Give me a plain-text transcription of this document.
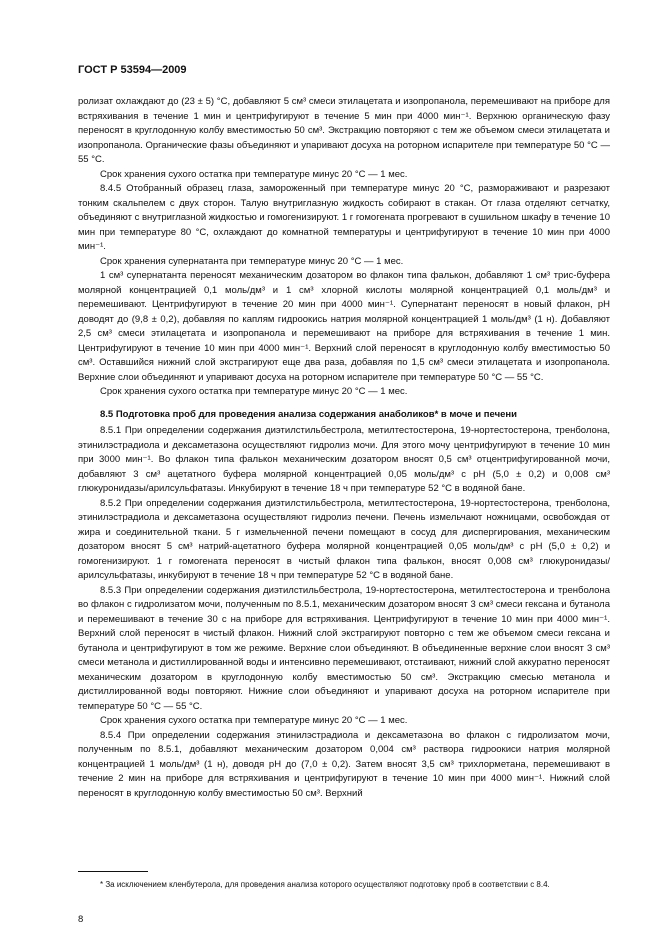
ГОСТ Р 53594—2009

ролизат охлаждают до (23 ± 5) °С, добавляют 5 см³ смеси этилацетата и изопропанола, перемешивают на приборе для встряхивания в течение 1 мин и центрифугируют в течение 5 мин при 4000 мин⁻¹. Верхнюю органическую фазу переносят в круглодонную колбу вместимостью 50 см³. Экстракцию повторяют с тем же объемом смеси этилацетата и изопропанола. Органические фазы объединяют и упаривают досуха на роторном испарителе при температуре 50 °С — 55 °С.

Срок хранения сухого остатка при температуре минус 20 °С — 1 мес.

8.4.5 Отобранный образец глаза, замороженный при температуре минус 20 °С, размораживают и разрезают тонким скальпелем с двух сторон. Талую внутриглазную жидкость собирают в стакан. От глаза отделяют сетчатку, объединяют с внутриглазной жидкостью и гомогенизируют. 1 г гомогената прогревают в сушильном шкафу в течение 10 мин при температуре 80 °С, охлаждают до комнатной температуры и центрифугируют в течение 10 мин при 4000 мин⁻¹.

Срок хранения супернатанта при температуре минус 20 °С — 1 мес.

1 см³ супернатанта переносят механическим дозатором во флакон типа фалькон, добавляют 1 см³ трис-буфера молярной концентрацией 0,1 моль/дм³ и 1 см³ хлорной кислоты молярной концентрацией 0,1 моль/дм³ и перемешивают. Центрифугируют в течение 20 мин при 4000 мин⁻¹. Супернатант переносят в новый флакон, рН доводят до (9,8 ± 0,2), добавляя по каплям гидроокись натрия молярной концентрацией 1 моль/дм³ (1 н). Добавляют 2,5 см³ смеси этилацетата и изопропанола и перемешивают на приборе для встряхивания в течение 1 мин. Центрифугируют в течение 10 мин при 4000 мин⁻¹. Верхний слой переносят в круглодонную колбу вместимостью 50 см³. Оставшийся нижний слой экстрагируют еще два раза, добавляя по 1,5 см³ смеси этилацетата и изопропанола. Верхние слои объединяют и упаривают досуха на роторном испарителе при температуре 50 °С — 55 °С.

Срок хранения сухого остатка при температуре минус 20 °С — 1 мес.

8.5 Подготовка проб для проведения анализа содержания анаболиков* в моче и печени

8.5.1 При определении содержания диэтилстильбестрола, метилтестостерона, 19-нортестостерона, тренболона, этинилэстрадиола и дексаметазона осуществляют гидролиз мочи. Для этого мочу центрифугируют в течение 10 мин при 3000 мин⁻¹. Во флакон типа фалькон механическим дозатором вносят 0,5 см³ отцентрифугированной мочи, добавляют 3 см³ ацетатного буфера молярной концентрацией 0,05 моль/дм³ с рН (5,0 ± 0,2) и 0,008 см³ глюкуронидазы/арилсульфатазы. Инкубируют в течение 18 ч при температуре 52 °С в водяной бане.

8.5.2 При определении содержания диэтилстильбестрола, метилтестостерона, 19-нортестостерона, тренболона, этинилэстрадиола и дексаметазона осуществляют гидролиз печени. Печень измельчают ножницами, освобождая от жира и соединительной ткани. 5 г измельченной печени помещают в сосуд для диспергирования, механическим дозатором вносят 5 см³ натрий-ацетатного буфера молярной концентрацией 0,05 моль/дм³ с рН (5,0 ± 0,2) и гомогенизируют. 1 г гомогената переносят в чистый флакон типа фалькон, вносят 0,008 см³ глюкуронидазы/арилсульфатазы, инкубируют в течение 18 ч при температуре 52 °С в водяной бане.

8.5.3 При определении содержания диэтилстильбестрола, 19-нортестостерона, метилтестостерона и тренболона во флакон с гидролизатом мочи, полученным по 8.5.1, механическим дозатором вносят 3 см³ смеси гексана и бутанола и перемешивают в течение 30 с на приборе для встряхивания. Центрифугируют в течение 10 мин при 4000 мин⁻¹. Верхний слой переносят в чистый флакон. Нижний слой экстрагируют повторно с тем же объемом смеси гексана и бутанола и центрифугируют в том же режиме. Верхние слои объединяют. В объединенные верхние слои вносят 3 см³ смеси метанола и дистиллированной воды и интенсивно перемешивают, отстаивают, нижний слой аккуратно переносят механическим дозатором в круглодонную колбу вместимостью 50 см³. Экстракцию смесью метанола и дистиллированной воды повторяют. Нижние слои объединяют и упаривают досуха на роторном испарителе при температуре 50 °С — 55 °С.

Срок хранения сухого остатка при температуре минус 20 °С — 1 мес.

8.5.4 При определении содержания этинилэстрадиола и дексаметазона во флакон с гидролизатом мочи, полученным по 8.5.1, добавляют механическим дозатором 0,004 см³ раствора гидроокиси натрия молярной концентрацией 1 моль/дм³ (1 н), доводя рН до (7,0 ± 0,2). Затем вносят 3,5 см³ трихлорметана, перемешивают в течение 2 мин на приборе для встряхивания и центрифугируют в течение 10 мин при 4000 мин⁻¹. Нижний слой переносят в круглодонную колбу вместимостью 50 см³. Верхний

* За исключением кленбутерола, для проведения анализа которого осуществляют подготовку проб в соответствии с 8.4.
8
